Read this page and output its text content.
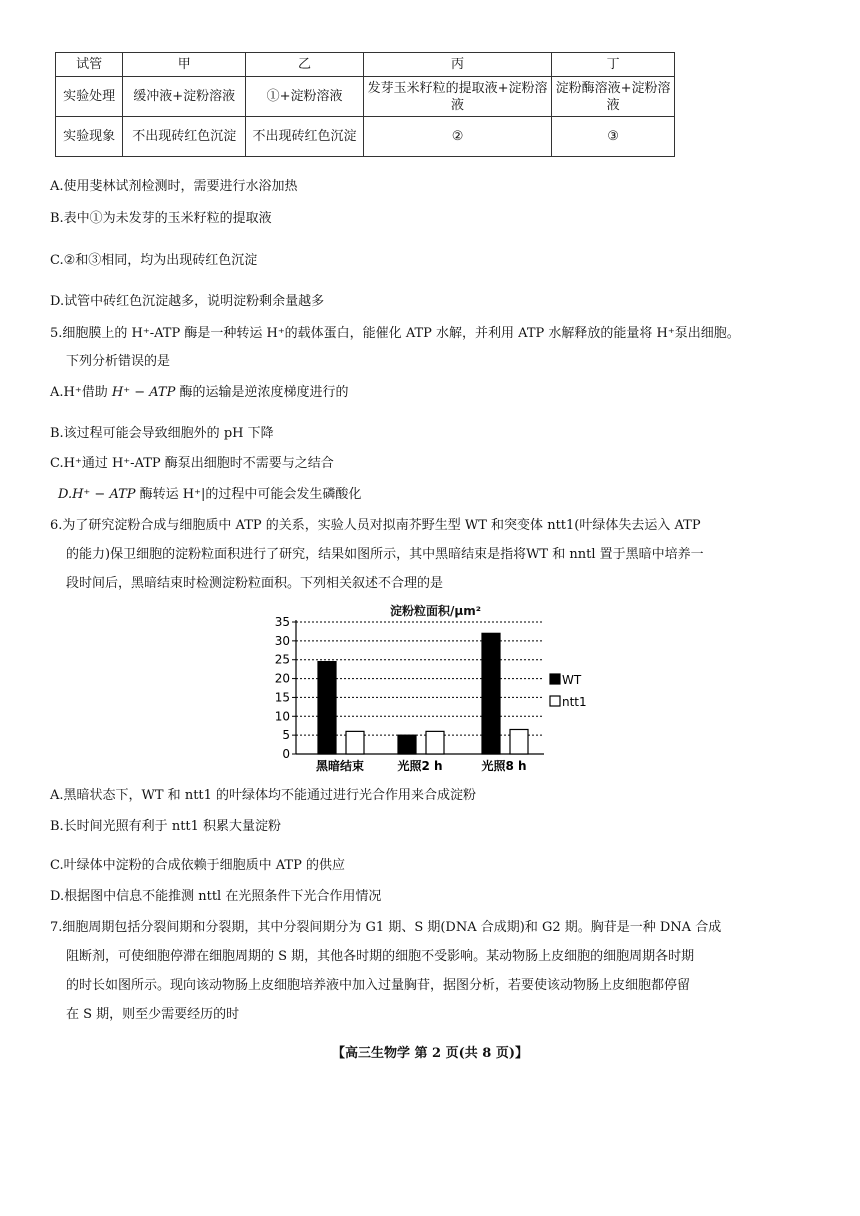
试管	甲	乙	丙	丁
实验处理	缓冲液+淀粉溶液	①+淀粉溶液	发芽玉米籽粒的提取液+淀粉溶液	淀粉酶溶液+淀粉溶液
实验现象	不出现砖红色沉淀	不出现砖红色沉淀	②	③
A.使用斐林试剂检测时，需要进行水浴加热
B.表中①为未发芽的玉米籽粒的提取液
C.②和③相同，均为出现砖红色沉淀
D.试管中砖红色沉淀越多，说明淀粉剩余量越多
5.细胞膜上的 H⁺-ATP 酶是一种转运 H⁺的载体蛋白，能催化 ATP 水解，并利用 ATP 水解释放的能量将 H⁺泵出细胞。
下列分析错误的是
A.H⁺借助 H⁺ − ATP 酶的运输是逆浓度梯度进行的
B.该过程可能会导致细胞外的 pH 下降
C.H⁺通过 H⁺-ATP 酶泵出细胞时不需要与之结合
D.H⁺ − ATP 酶转运 H⁺|的过程中可能会发生磷酸化
6.为了研究淀粉合成与细胞质中 ATP 的关系，实验人员对拟南芥野生型 WT 和突变体 ntt1(叶绿体失去运入 ATP
的能力)保卫细胞的淀粉粒面积进行了研究，结果如图所示，其中黑暗结束是指将WT 和 nntl 置于黑暗中培养一
段时间后，黑暗结束时检测淀粉粒面积。下列相关叙述不合理的是
淀粉粒面积/μm²
0
5
10
15
20
25
30
35
黑暗结束	光照2 h	光照8 h
WT
ntt1
A.黑暗状态下，WT 和 ntt1 的叶绿体均不能通过进行光合作用来合成淀粉
B.长时间光照有利于 ntt1 积累大量淀粉
C.叶绿体中淀粉的合成依赖于细胞质中 ATP 的供应
D.根据图中信息不能推测 nttl 在光照条件下光合作用情况
7.细胞周期包括分裂间期和分裂期，其中分裂间期分为 G1 期、S 期(DNA 合成期)和 G2 期。胸苷是一种 DNA 合成
阻断剂，可使细胞停滞在细胞周期的 S 期，其他各时期的细胞不受影响。某动物肠上皮细胞的细胞周期各时期
的时长如图所示。现向该动物肠上皮细胞培养液中加入过量胸苷，据图分析，若要使该动物肠上皮细胞都停留
在 S 期，则至少需要经历的时
【高三生物学 第 2 页(共 8 页)】
